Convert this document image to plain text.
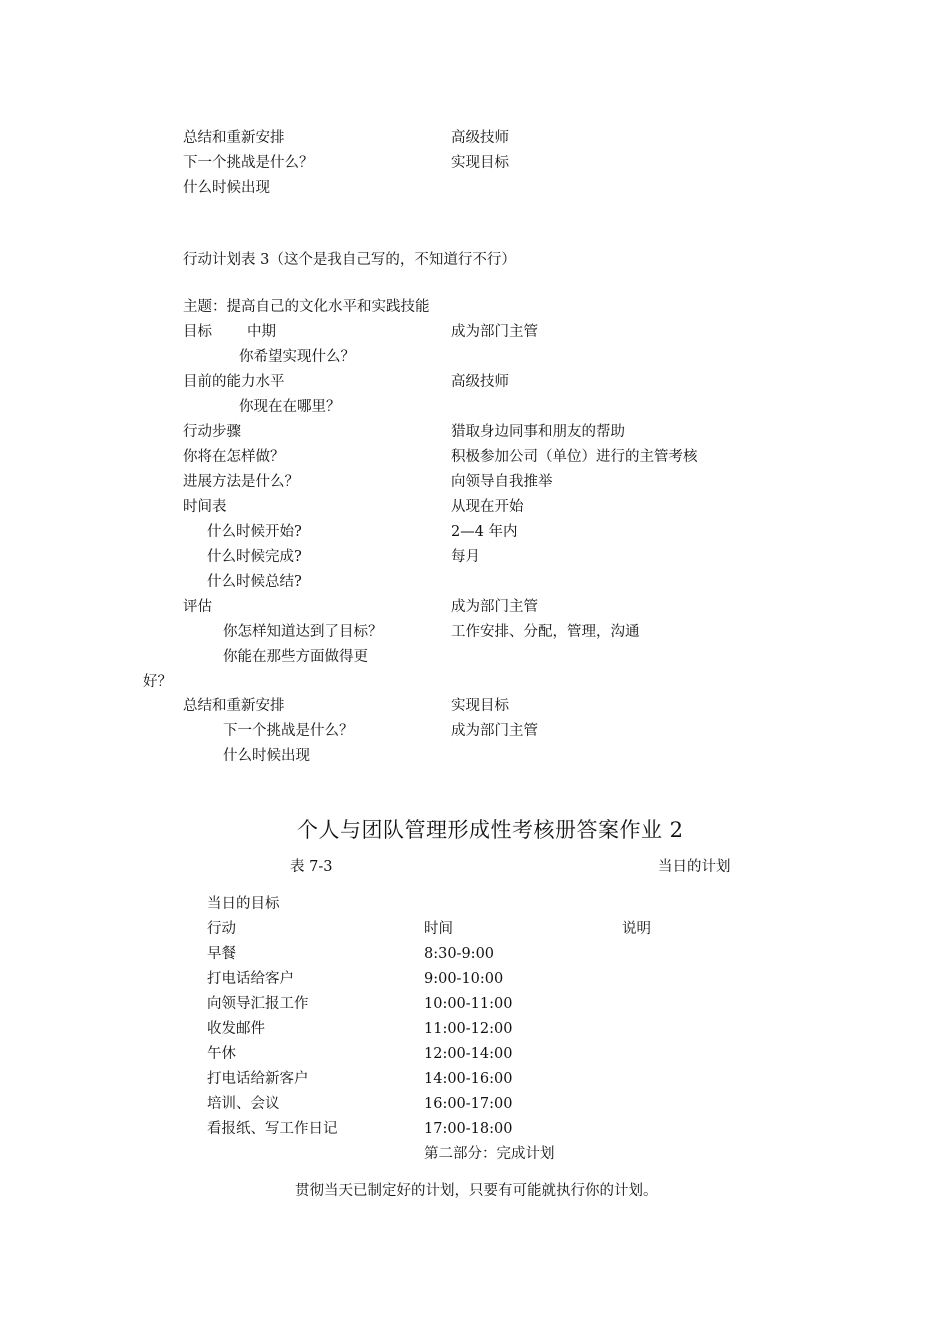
总结和重新安排	高级技师
下一个挑战是什么？	实现目标
什么时候出现
行动计划表 3（这个是我自己写的，不知道行不行）
主题：提高自己的文化水平和实践技能
目标 中期	成为部门主管
你希望实现什么？
目前的能力水平	高级技师
你现在在哪里？
行动步骤	猎取身边同事和朋友的帮助
你将在怎样做？	积极参加公司（单位）进行的主管考核
进展方法是什么？	向领导自我推举
时间表	从现在开始
什么时候开始?	2—4 年内
什么时候完成?	每月
什么时候总结?
评估	成为部门主管
你怎样知道达到了目标？	工作安排、分配，管理，沟通
你能在那些方面做得更
好？
总结和重新安排	实现目标
下一个挑战是什么？	成为部门主管
什么时候出现
个人与团队管理形成性考核册答案作业 2
表 7-3	当日的计划
当日的目标
行动	时间	说明
早餐	8:30-9:00
打电话给客户	9:00-10:00
向领导汇报工作	10:00-11:00
收发邮件	11:00-12:00
午休	12:00-14:00
打电话给新客户	14:00-16:00
培训、会议	16:00-17:00
看报纸、写工作日记	17:00-18:00
第二部分：完成计划
贯彻当天已制定好的计划，只要有可能就执行你的计划。
